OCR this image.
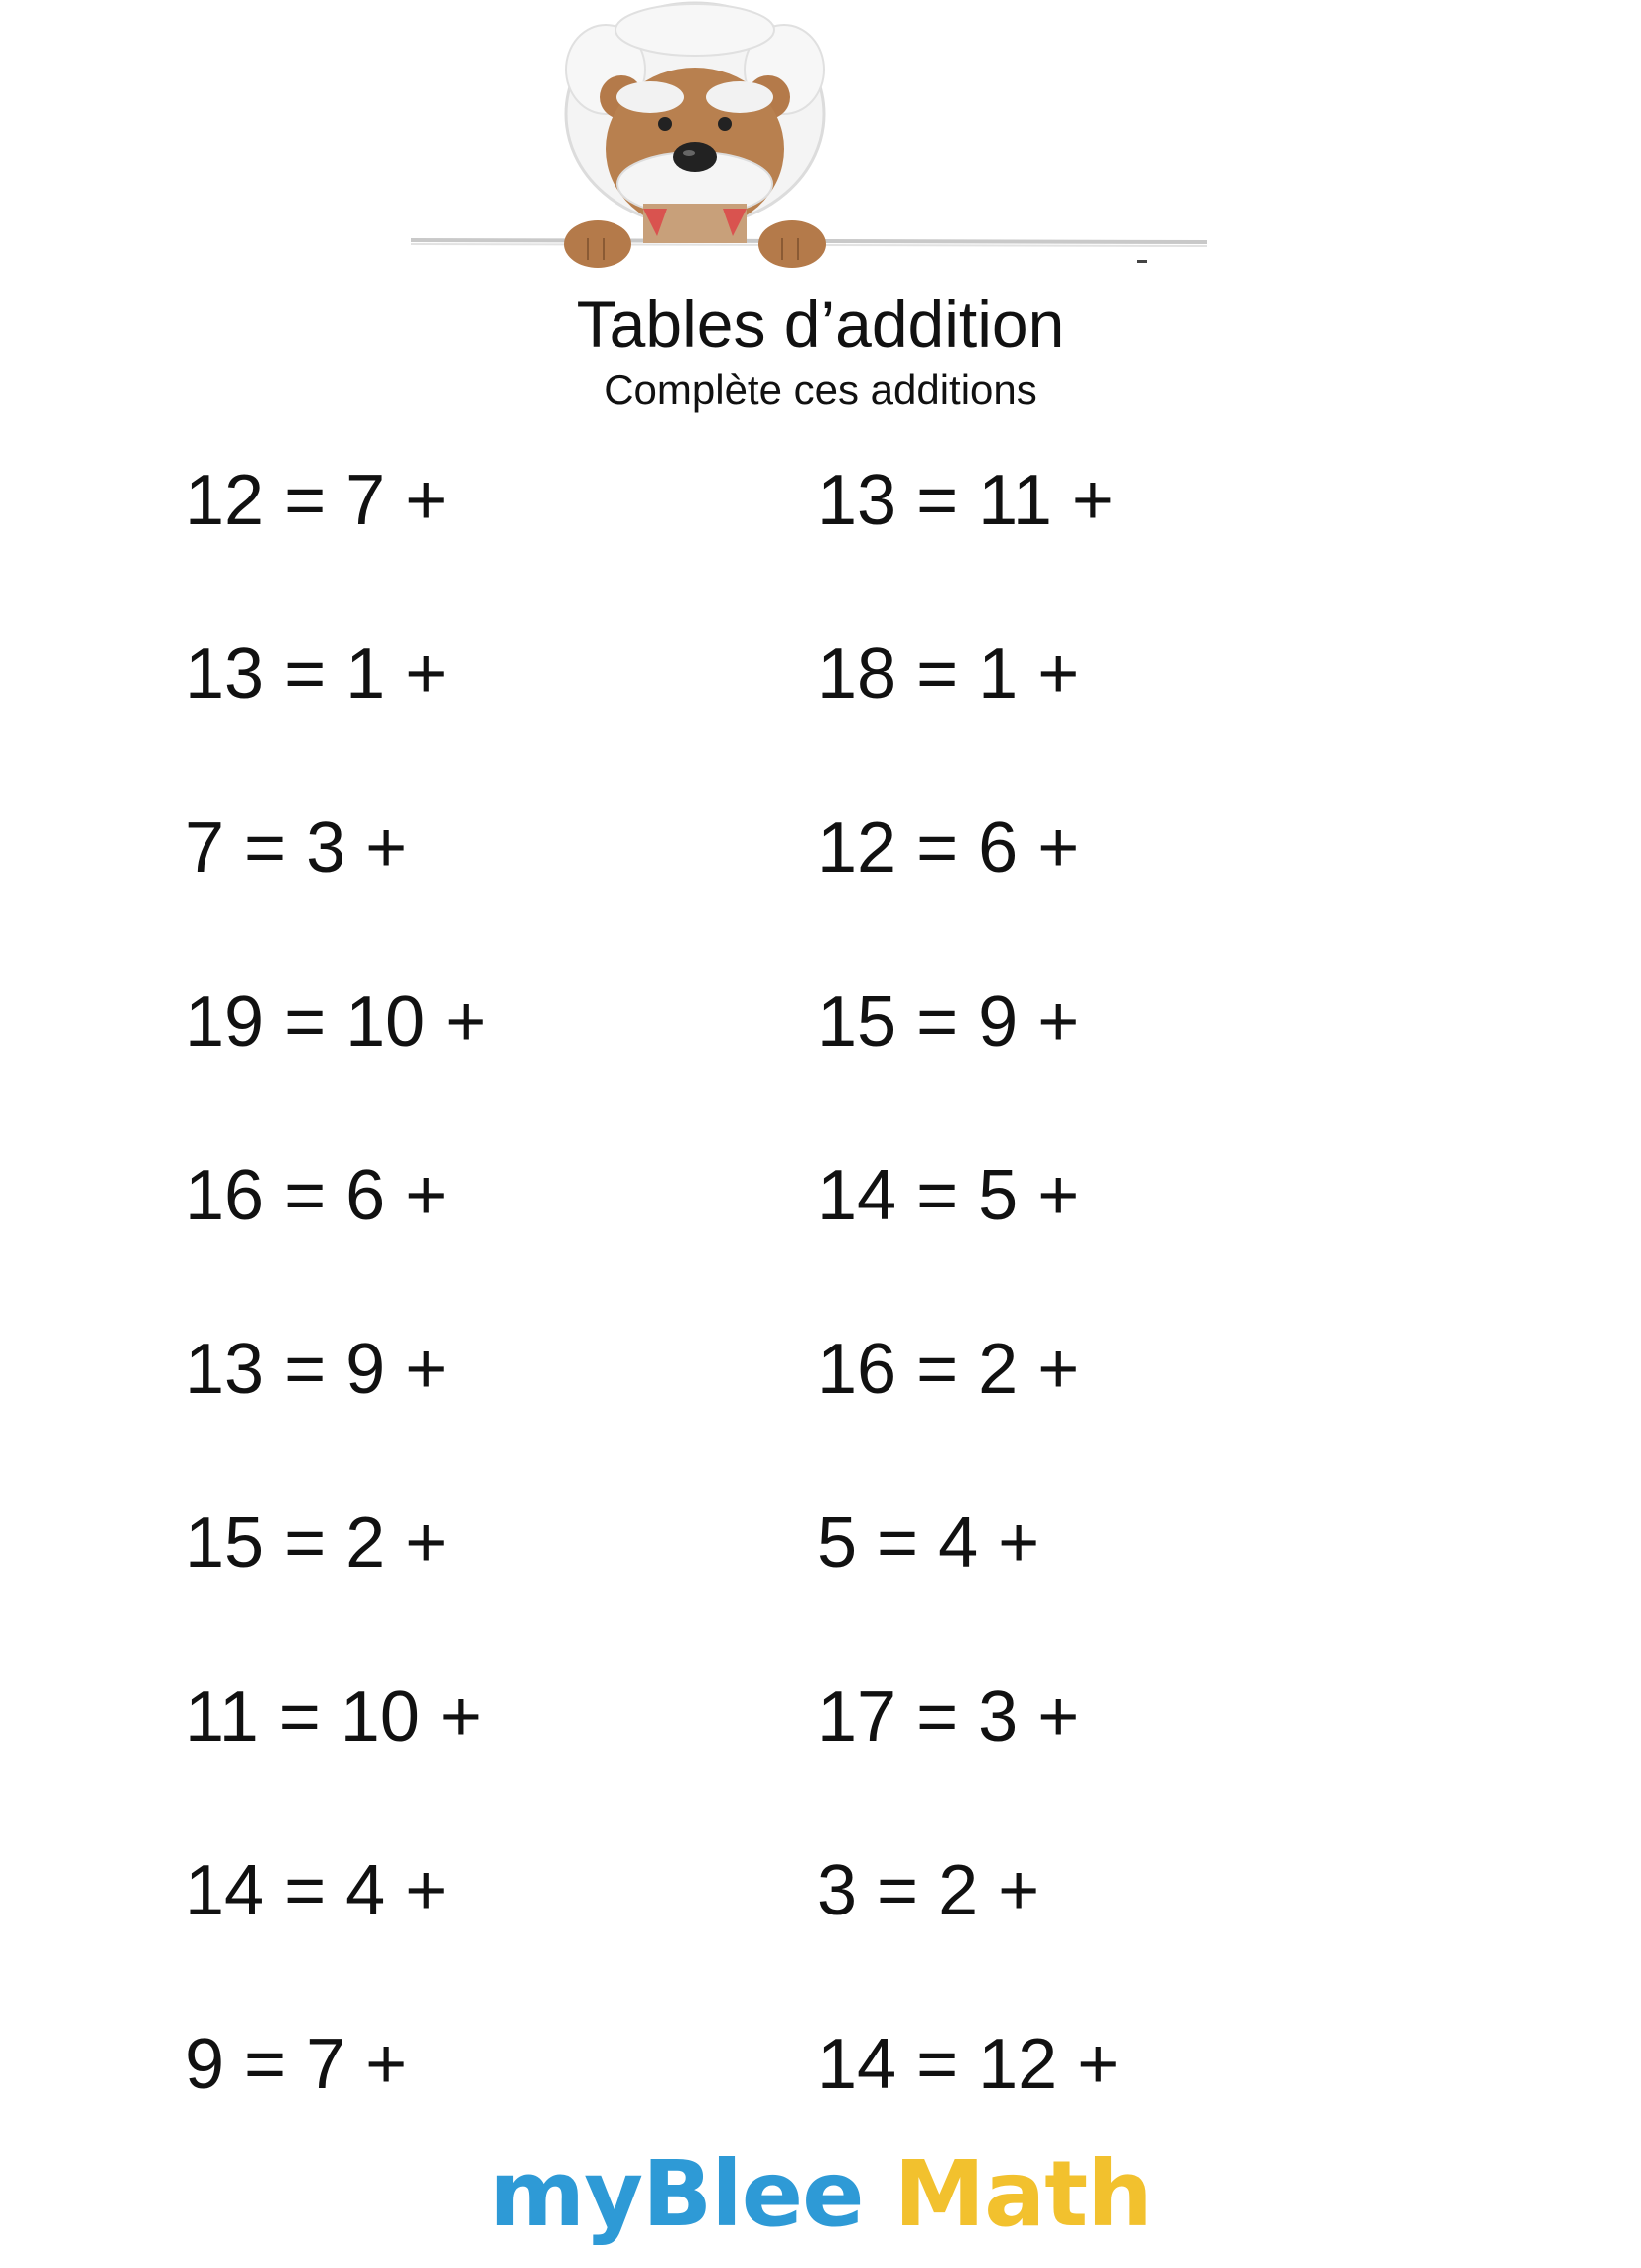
Tables d’addition
Complète ces additions
12 = 7 +
13 = 1 +
7 = 3 +
19 = 10 +
16 = 6 +
13 = 9 +
15 = 2 +
11 = 10 +
14 = 4 +
9 = 7 +
13 = 11 +
18 = 1 +
12 = 6 +
15 = 9 +
14 = 5 +
16 = 2 +
5 = 4 +
17 = 3 +
3 = 2 +
14 = 12 +
myBlee Math
